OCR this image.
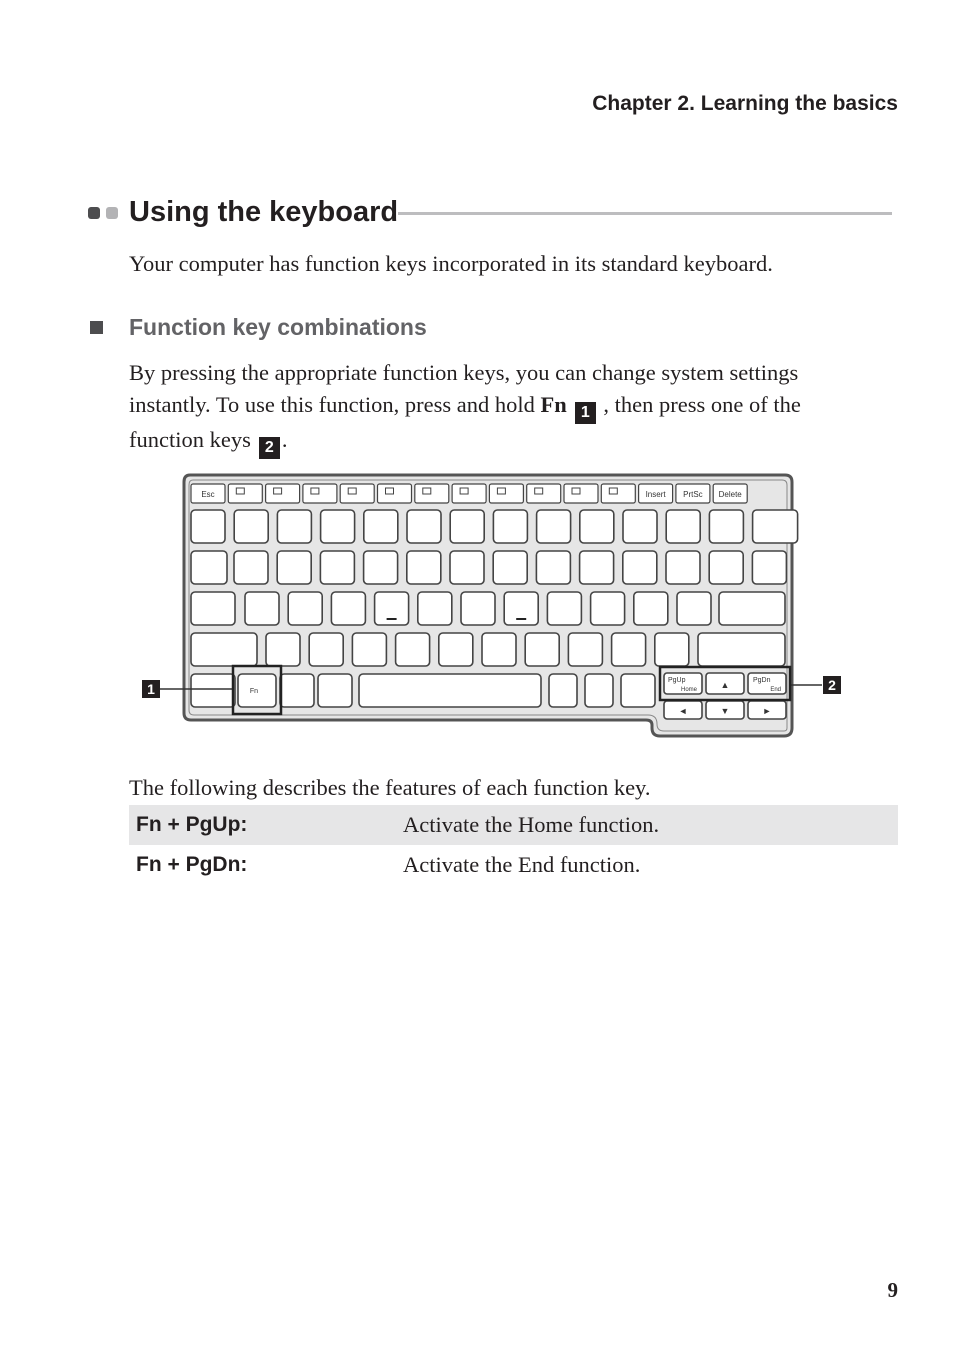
Chapter 2. Learning the basics
Using the keyboard
Your computer has function keys incorporated in its standard keyboard.
Function key combinations
By pressing the appropriate function keys, you can change system settings
instantly. To use this function, press and hold Fn 1 , then press one of the
function keys 2 .
Esc	Insert PrtSc Delete
Fn
PgUp
Home	▲	PgDn
End
◄	▼	►
1	2
The following describes the features of each function key.
Fn + PgUp:	Activate the Home function.
Fn + PgDn:	Activate the End function.
9
